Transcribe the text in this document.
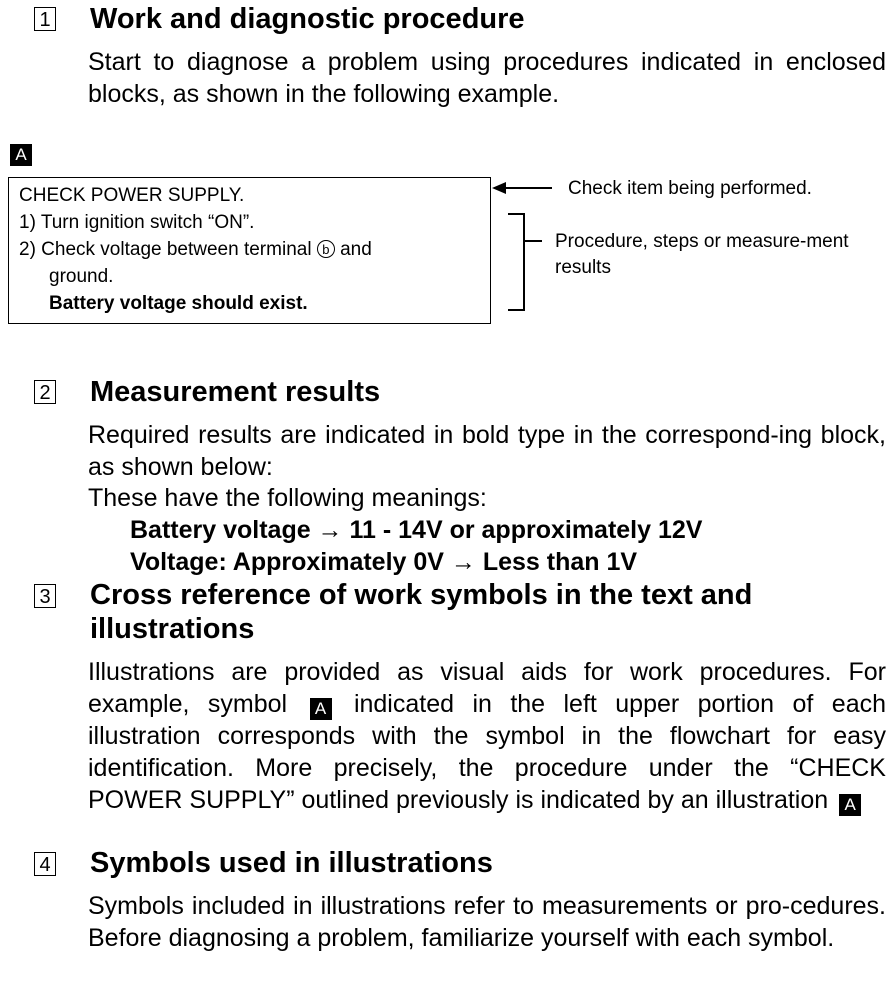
1 Work and diagnostic procedure
Start to diagnose a problem using procedures indicated in enclosed blocks, as shown in the following example.
A
CHECK POWER SUPPLY.
1) Turn ignition switch “ON”.
2) Check voltage between terminal b and
ground.
Battery voltage should exist.
Check item being performed.
Procedure, steps or measure-ment results
2 Measurement results
Required results are indicated in bold type in the correspond-ing block, as shown below:
These have the following meanings:
Battery voltage → 11 - 14V or approximately 12V
Voltage: Approximately 0V → Less than 1V
3 Cross reference of work symbols in the text and illustrations
Illustrations are provided as visual aids for work procedures. For example, symbol A indicated in the left upper portion of each illustration corresponds with the symbol in the flowchart for easy identification. More precisely, the procedure under the “CHECK POWER SUPPLY” outlined previously is indicated by an illustration A
4 Symbols used in illustrations
Symbols included in illustrations refer to measurements or pro-cedures. Before diagnosing a problem, familiarize yourself with each symbol.
